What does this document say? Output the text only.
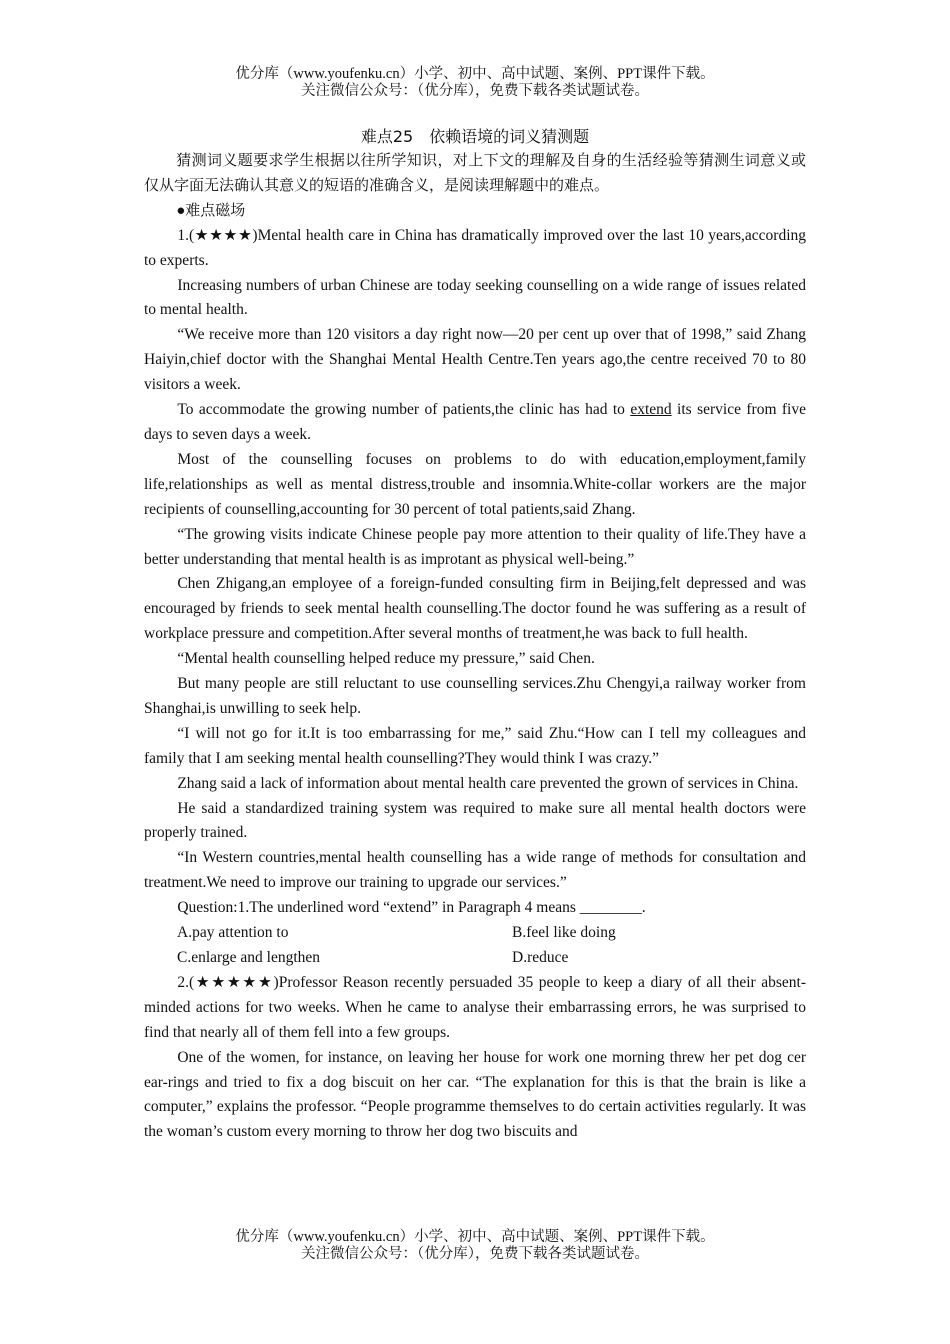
优分库（www.youfenku.cn）小学、初中、高中试题、案例、PPT课件下载。
关注微信公众号：（优分库），免费下载各类试题试卷。
难点25　依赖语境的词义猜测题

猜测词义题要求学生根据以往所学知识，对上下文的理解及自身的生活经验等猜测生词意义或仅从字面无法确认其意义的短语的准确含义，是阅读理解题中的难点。

●难点磁场

1.(★★★★)Mental health care in China has dramatically improved over the last 10 years,according to experts.

Increasing numbers of urban Chinese are today seeking counselling on a wide range of issues related to mental health.

“We receive more than 120 visitors a day right now—20 per cent up over that of 1998,” said Zhang Haiyin,chief doctor with the Shanghai Mental Health Centre.Ten years ago,the centre received 70 to 80 visitors a week.

To accommodate the growing number of patients,the clinic has had to extend its service from five days to seven days a week.

Most of the counselling focuses on problems to do with education,employment,family life,relationships as well as mental distress,trouble and insomnia.White-collar workers are the major recipients of counselling,accounting for 30 percent of total patients,said Zhang.

“The growing visits indicate Chinese people pay more attention to their quality of life.They have a better understanding that mental health is as improtant as physical well-being.”

Chen Zhigang,an employee of a foreign-funded consulting firm in Beijing,felt depressed and was encouraged by friends to seek mental health counselling.The doctor found he was suffering as a result of workplace pressure and competition.After several months of treatment,he was back to full health.

“Mental health counselling helped reduce my pressure,” said Chen.

But many people are still reluctant to use counselling services.Zhu Chengyi,a railway worker from Shanghai,is unwilling to seek help.

“I will not go for it.It is too embarrassing for me,” said Zhu.“How can I tell my colleagues and family that I am seeking mental health counselling?They would think I was crazy.”

Zhang said a lack of information about mental health care prevented the grown of services in China.

He said a standardized training system was required to make sure all mental health doctors were properly trained.

“In Western countries,mental health counselling has a wide range of methods for consultation and treatment.We need to improve our training to upgrade our services.”

Question:1.The underlined word “extend” in Paragraph 4 means ________.

A.pay attention to	B.feel like doing
C.enlarge and lengthen	D.reduce

2.(★★★★★)Professor Reason recently persuaded 35 people to keep a diary of all their absent-minded actions for two weeks. When he came to analyse their embarrassing errors, he was surprised to find that nearly all of them fell into a few groups.

One of the women, for instance, on leaving her house for work one morning threw her pet dog cer ear-rings and tried to fix a dog biscuit on her car. “The explanation for this is that the brain is like a computer,” explains the professor. “People programme themselves to do certain activities regularly. It was the woman’s custom every morning to throw her dog two biscuits and

优分库（www.youfenku.cn）小学、初中、高中试题、案例、PPT课件下载。
关注微信公众号：（优分库），免费下载各类试题试卷。
